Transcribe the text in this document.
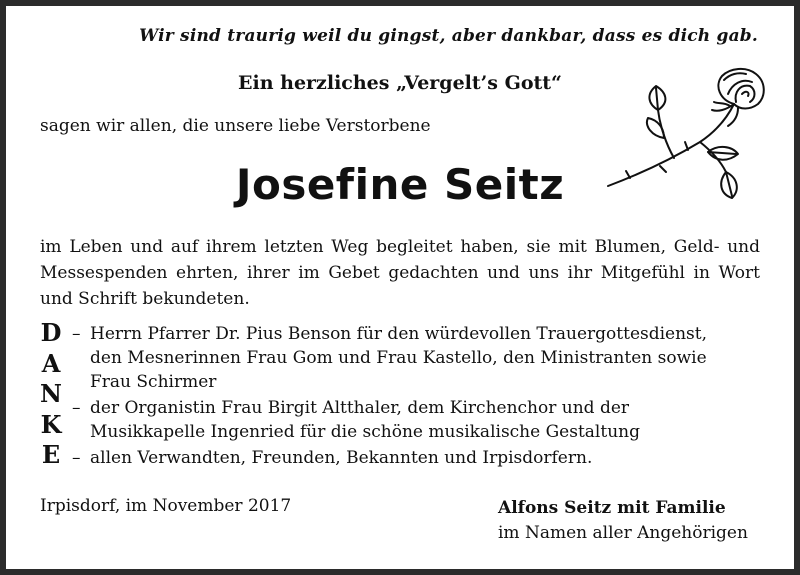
Wir sind traurig weil du gingst, aber dankbar, dass es dich gab.
Ein herzliches „Vergelt’s Gott“
sagen wir allen, die unsere liebe Verstorbene
Josefine Seitz
im Leben und auf ihrem letzten Weg begleitet haben, sie mit Blumen, Geld- und Messespenden ehrten, ihrer im Gebet gedachten und uns ihr Mitgefühl in Wort und Schrift bekundeten.
D
A
N
K
E
– Herrn Pfarrer Dr. Pius Benson für den würdevollen Trauergottesdienst,
den Mesnerinnen Frau Gom und Frau Kastello, den Ministranten sowie
Frau Schirmer
– der Organistin Frau Birgit Altthaler, dem Kirchenchor und der
Musikkapelle Ingenried für die schöne musikalische Gestaltung
– allen Verwandten, Freunden, Bekannten und Irpisdorfern.
Irpisdorf, im November 2017	Alfons Seitz mit Familie
im Namen aller Angehörigen
